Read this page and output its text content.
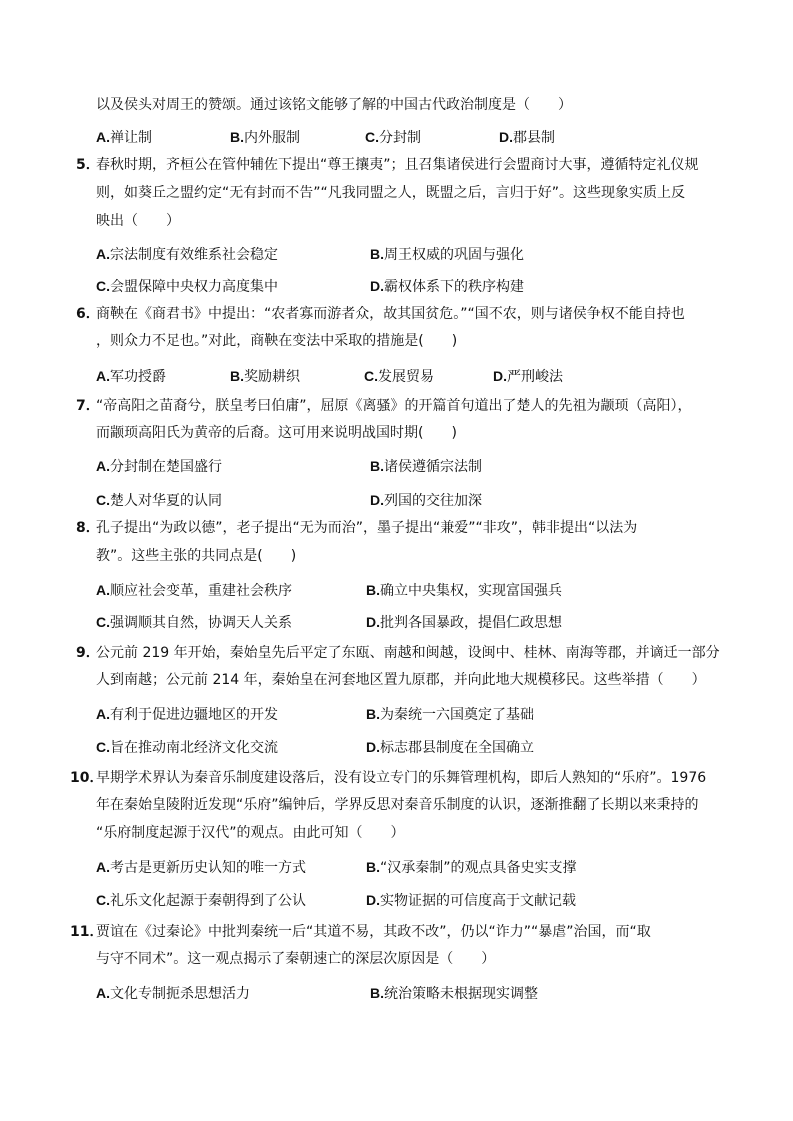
以及侯头对周王的赞颂。通过该铭文能够了解的中国古代政治制度是（　　）
A.禅让制	B.内外服制	C.分封制	D.郡县制
5．
春秋时期，齐桓公在管仲辅佐下提出“尊王攘夷”；且召集诸侯进行会盟商讨大事，遵循特定礼仪规
则，如葵丘之盟约定“无有封而不告”“凡我同盟之人，既盟之后，言归于好”。这些现象实质上反
映出（　　）
A.宗法制度有效维系社会稳定	B.周王权威的巩固与强化
C.会盟保障中央权力高度集中	D.霸权体系下的秩序构建
6．
商鞅在《商君书》中提出：“农者寡而游者众，故其国贫危。”“国不农，则与诸侯争权不能自持也
，则众力不足也。”对此，商鞅在变法中采取的措施是(　　)
A.军功授爵	B.奖励耕织	C.发展贸易	D.严刑峻法
7．
“帝高阳之苗裔兮，朕皇考曰伯庸”，屈原《离骚》的开篇首句道出了楚人的先祖为颛顼（高阳），
而颛顼高阳氏为黄帝的后裔。这可用来说明战国时期(　　)
A.分封制在楚国盛行	B.诸侯遵循宗法制
C.楚人对华夏的认同	D.列国的交往加深
8．
孔子提出“为政以德”，老子提出“无为而治”，墨子提出“兼爱”“非攻”，韩非提出“以法为
教”。这些主张的共同点是(　　)
A.顺应社会变革，重建社会秩序	B.确立中央集权，实现富国强兵
C.强调顺其自然，协调天人关系	D.批判各国暴政，提倡仁政思想
9．
公元前 219 年开始，秦始皇先后平定了东瓯、南越和闽越，设闽中、桂林、南海等郡，并谪迁一部分
人到南越；公元前 214 年，秦始皇在河套地区置九原郡，并向此地大规模移民。这些举措（　　）
A.有利于促进边疆地区的开发	B.为秦统一六国奠定了基础
C.旨在推动南北经济文化交流	D.标志郡县制度在全国确立
10．
早期学术界认为秦音乐制度建设落后，没有设立专门的乐舞管理机构，即后人熟知的“乐府”。1976
年在秦始皇陵附近发现“乐府”编钟后，学界反思对秦音乐制度的认识，逐渐推翻了长期以来秉持的
“乐府制度起源于汉代”的观点。由此可知（　　）
A.考古是更新历史认知的唯一方式	B.“汉承秦制”的观点具备史实支撑
C.礼乐文化起源于秦朝得到了公认	D.实物证据的可信度高于文献记载
11．
贾谊在《过秦论》中批判秦统一后“其道不易，其政不改”，仍以“诈力”“暴虐”治国，而“取
与守不同术”。这一观点揭示了秦朝速亡的深层次原因是（　　）
A.文化专制扼杀思想活力	B.统治策略未根据现实调整
